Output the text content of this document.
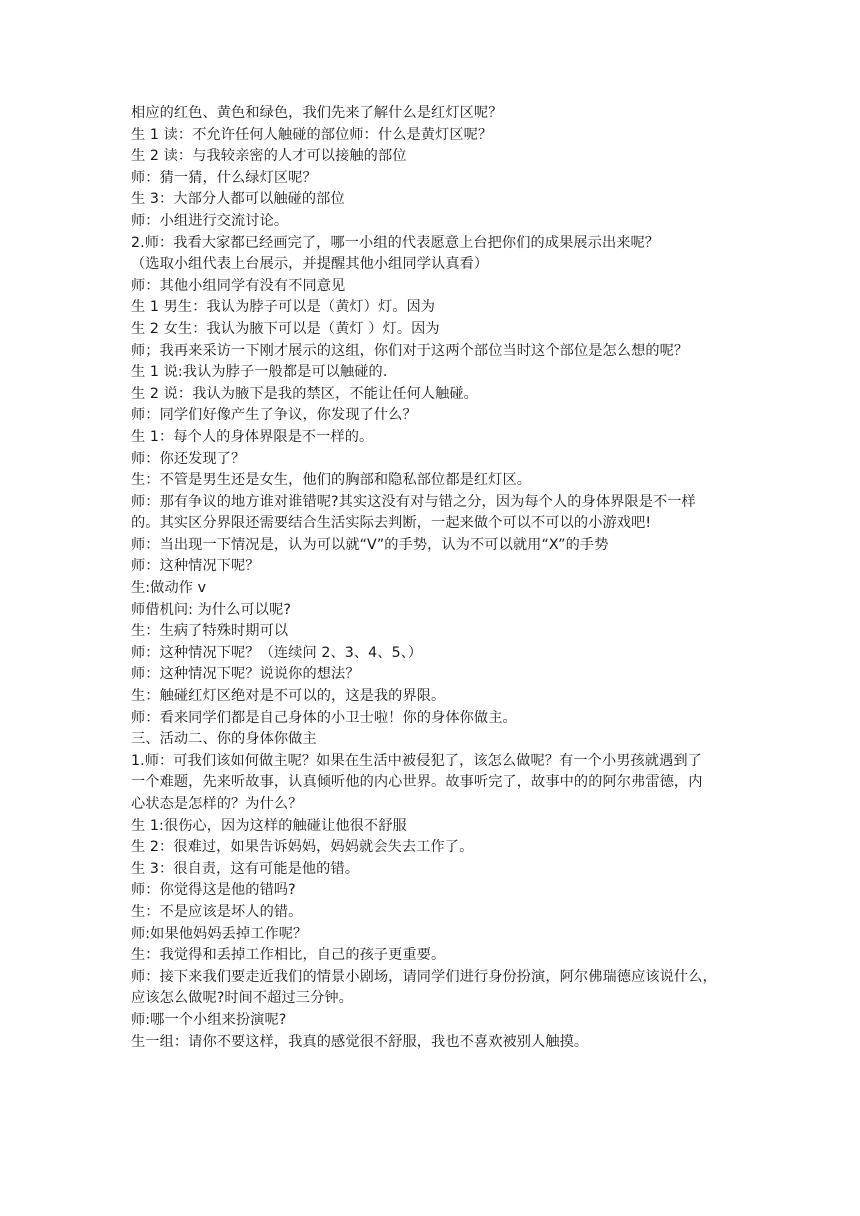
相应的红色、黄色和绿色，我们先来了解什么是红灯区呢？
生 1 读：不允许任何人触碰的部位师：什么是黄灯区呢？
生 2 读：与我较亲密的人才可以接触的部位
师：猜一猜，什么绿灯区呢？
生 3：大部分人都可以触碰的部位
师：小组进行交流讨论。
2.师：我看大家都已经画完了，哪一小组的代表愿意上台把你们的成果展示出来呢？
（选取小组代表上台展示，并提醒其他小组同学认真看）
师：其他小组同学有没有不同意见
生 1 男生：我认为脖子可以是（黄灯）灯。因为
生 2 女生：我认为腋下可以是（黄灯 ）灯。因为
师；我再来采访一下刚才展示的这组，你们对于这两个部位当时这个部位是怎么想的呢？
生 1 说:我认为脖子一般都是可以触碰的.
生 2 说：我认为腋下是我的禁区，不能让任何人触碰。
师：同学们好像产生了争议，你发现了什么？
生 1：每个人的身体界限是不一样的。
师：你还发现了？
生：不管是男生还是女生，他们的胸部和隐私部位都是红灯区。
师：那有争议的地方谁对谁错呢?其实这没有对与错之分，因为每个人的身体界限是不一样
的。其实区分界限还需要结合生活实际去判断，一起来做个可以不可以的小游戏吧!
师：当出现一下情况是，认为可以就“V”的手势，认为不可以就用“X”的手势
师：这种情况下呢？
生:做动作 v
师借机问: 为什么可以呢?
生：生病了特殊时期可以
师：这种情况下呢？（连续问 2、3、4、5、）
师：这种情况下呢？说说你的想法？
生：触碰红灯区绝对是不可以的，这是我的界限。
师：看来同学们都是自己身体的小卫士啦！你的身体你做主。
三、活动二、你的身体你做主
1.师：可我们该如何做主呢？如果在生活中被侵犯了，该怎么做呢？有一个小男孩就遇到了
一个难题，先来听故事，认真倾听他的内心世界。故事听完了，故事中的的阿尔弗雷德，内
心状态是怎样的？为什么？
生 1:很伤心，因为这样的触碰让他很不舒服
生 2：很难过，如果告诉妈妈，妈妈就会失去工作了。
生 3：很自责，这有可能是他的错。
师：你觉得这是他的错吗?
生：不是应该是坏人的错。
师:如果他妈妈丢掉工作呢？
生：我觉得和丢掉工作相比，自己的孩子更重要。
师：接下来我们要走近我们的情景小剧场，请同学们进行身份扮演，阿尔佛瑞德应该说什么，
应该怎么做呢?时间不超过三分钟。
师:哪一个小组来扮演呢?
生一组：请你不要这样，我真的感觉很不舒服，我也不喜欢被别人触摸。
